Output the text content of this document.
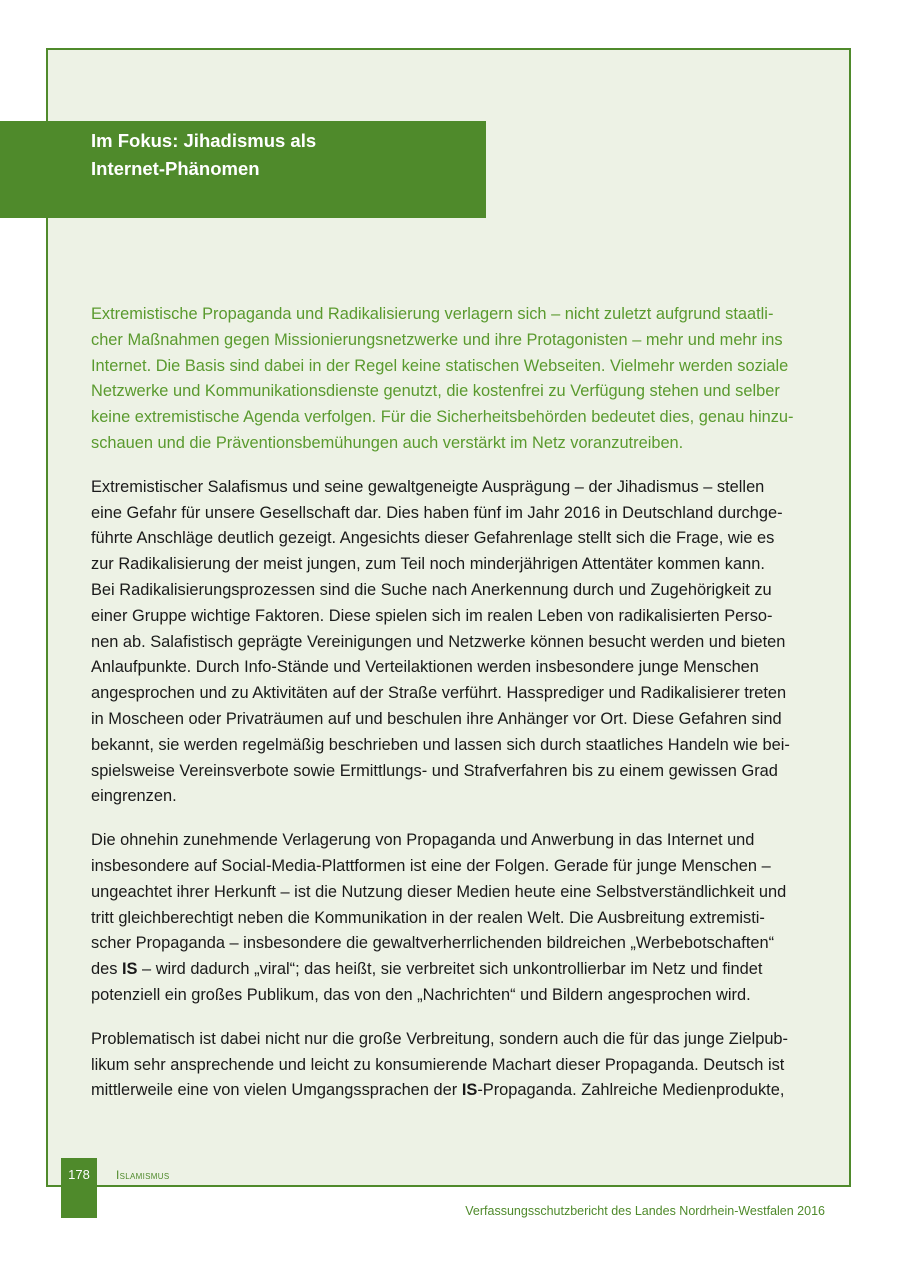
Im Fokus: Jihadismus als
Internet-Phänomen

Extremistische Propaganda und Radikalisierung verlagern sich – nicht zuletzt aufgrund staatli-
cher Maßnahmen gegen Missionierungsnetzwerke und ihre Protagonisten – mehr und mehr ins
Internet. Die Basis sind dabei in der Regel keine statischen Webseiten. Vielmehr werden soziale
Netzwerke und Kommunikationsdienste genutzt, die kostenfrei zu Verfügung stehen und selber
keine extremistische Agenda verfolgen. Für die Sicherheitsbehörden bedeutet dies, genau hinzu-
schauen und die Präventionsbemühungen auch verstärkt im Netz voranzutreiben.

Extremistischer Salafismus und seine gewaltgeneigte Ausprägung – der Jihadismus – stellen
eine Gefahr für unsere Gesellschaft dar. Dies haben fünf im Jahr 2016 in Deutschland durchge-
führte Anschläge deutlich gezeigt. Angesichts dieser Gefahrenlage stellt sich die Frage, wie es
zur Radikalisierung der meist jungen, zum Teil noch minderjährigen Attentäter kommen kann.
Bei Radikalisierungsprozessen sind die Suche nach Anerkennung durch und Zugehörigkeit zu
einer Gruppe wichtige Faktoren. Diese spielen sich im realen Leben von radikalisierten Perso-
nen ab. Salafistisch geprägte Vereinigungen und Netzwerke können besucht werden und bieten
Anlaufpunkte. Durch Info-Stände und Verteilaktionen werden insbesondere junge Menschen
angesprochen und zu Aktivitäten auf der Straße verführt. Hassprediger und Radikalisierer treten
in Moscheen oder Privaträumen auf und beschulen ihre Anhänger vor Ort. Diese Gefahren sind
bekannt, sie werden regelmäßig beschrieben und lassen sich durch staatliches Handeln wie bei-
spielsweise Vereinsverbote sowie Ermittlungs- und Strafverfahren bis zu einem gewissen Grad
eingrenzen.

Die ohnehin zunehmende Verlagerung von Propaganda und Anwerbung in das Internet und
insbesondere auf Social-Media-Plattformen ist eine der Folgen. Gerade für junge Menschen –
ungeachtet ihrer Herkunft – ist die Nutzung dieser Medien heute eine Selbstverständlichkeit und
tritt gleichberechtigt neben die Kommunikation in der realen Welt. Die Ausbreitung extremisti-
scher Propaganda – insbesondere die gewaltverherrlichenden bildreichen „Werbebotschaften“
des IS – wird dadurch „viral“; das heißt, sie verbreitet sich unkontrollierbar im Netz und findet
potenziell ein großes Publikum, das von den „Nachrichten“ und Bildern angesprochen wird.

Problematisch ist dabei nicht nur die große Verbreitung, sondern auch die für das junge Zielpub-
likum sehr ansprechende und leicht zu konsumierende Machart dieser Propaganda. Deutsch ist
mittlerweile eine von vielen Umgangssprachen der IS-Propaganda. Zahlreiche Medienprodukte,

178	Islamismus
Verfassungsschutzbericht des Landes Nordrhein-Westfalen 2016
